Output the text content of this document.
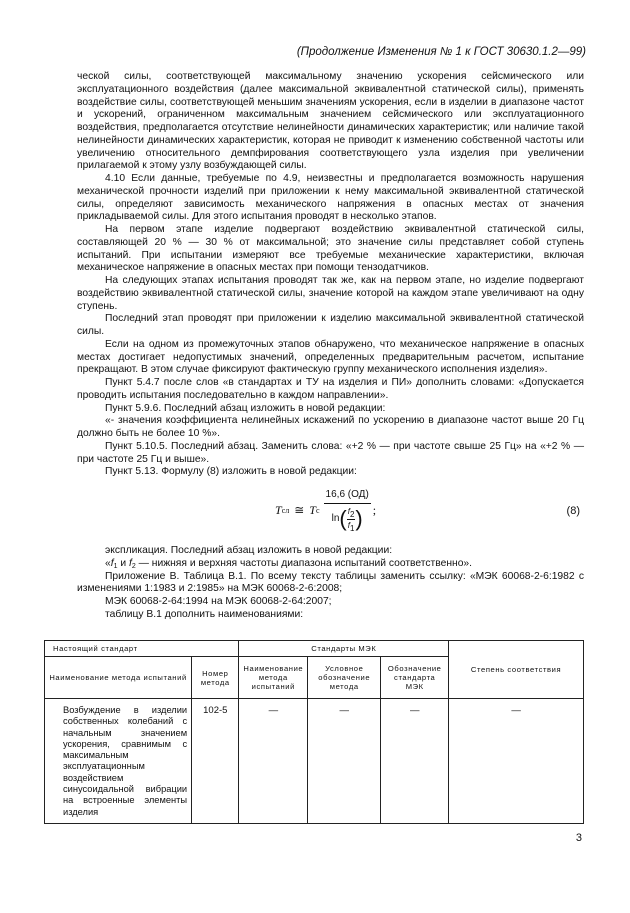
(Продолжение Изменения № 1 к ГОСТ 30630.1.2—99)

ческой силы, соответствующей максимальному значению ускорения сейсмического или эксплуатационного воздействия (далее максимальной эквивалентной статической силы), применять воздействие силы, соответствующей меньшим значениям ускорения, если в изделии в диапазоне частот и ускорений, ограниченном максимальным значением сейсмического или эксплуатационного воздействия, предполагается отсутствие нелинейности динамических характеристик; или наличие такой нелинейности динамических характеристик, которая не приводит к изменению собственной частоты или увеличению относительного демпфирования соответствующего узла изделия при увеличении прилагаемой к этому узлу возбуждающей силы.

4.10 Если данные, требуемые по 4.9, неизвестны и предполагается возможность нарушения механической прочности изделий при приложении к нему максимальной эквивалентной статической силы, определяют зависимость механического напряжения в опасных местах от значения прикладываемой силы. Для этого испытания проводят в несколько этапов.

На первом этапе изделие подвергают воздействию эквивалентной статической силы, составляющей 20 % — 30 % от максимальной; это значение силы представляет собой ступень испытаний. При испытании измеряют все требуемые механические характеристики, включая механическое напряжение в опасных местах при помощи тензодатчиков.

На следующих этапах испытания проводят так же, как на первом этапе, но изделие подвергают воздействию эквивалентной статической силы, значение которой на каждом этапе увеличивают на одну ступень.

Последний этап проводят при приложении к изделию максимальной эквивалентной статической силы.

Если на одном из промежуточных этапов обнаружено, что механическое напряжение в опасных местах достигает недопустимых значений, определенных предварительным расчетом, испытание прекращают. В этом случае фиксируют фактическую группу механического исполнения изделия».

Пункт 5.4.7 после слов «в стандартах и ТУ на изделия и ПИ» дополнить словами: «Допускается проводить испытания последовательно в каждом направлении».

Пункт 5.9.6. Последний абзац изложить в новой редакции:

«- значения коэффициента нелинейных искажений по ускорению в диапазоне частот выше 20 Гц должно быть не более 10 %».

Пункт 5.10.5. Последний абзац. Заменить слова: «+2 % — при частоте свыше 25 Гц» на «+2 % — при частоте 25 Гц и выше».

Пункт 5.13. Формулу (8) изложить в новой редакции:

T сл ≅ T с
16,6 (ОД)
ln ( $f_2$
$f_1$ ) ;	(8)

экспликация. Последний абзац изложить в новой редакции:

«$f_1$ и $f_2$ — нижняя и верхняя частоты диапазона испытаний соответственно».

Приложение В. Таблица В.1. По всему тексту таблицы заменить ссылку: «МЭК 60068-2-6:1982 с изменениями 1:1983 и 2:1985» на МЭК 60068-2-6:2008;

МЭК 60068-2-64:1994 на МЭК 60068-2-64:2007;

таблицу В.1 дополнить наименованиями:

Настоящий стандарт		Стандарты МЭК			Степень соответствия
Наименование метода испытаний	Номер метода	Наименование метода испытаний	Условное обозначение метода	Обозначение стандарта МЭК	
Возбуждение в изделии собственных колебаний с начальным значением ускорения, сравнимым с максимальным эксплуатационным воздействием синусоидальной вибрации на встроенные элементы изделия	102-5	—	—	—	—
3
